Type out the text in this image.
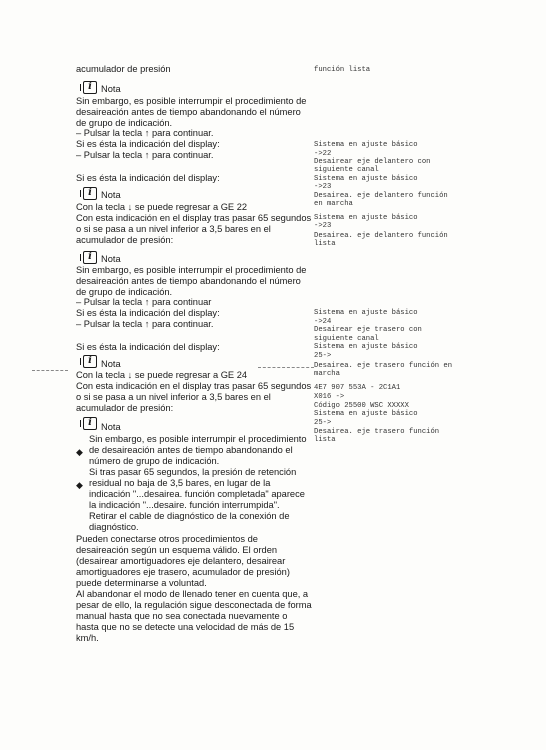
acumulador de presión
i Nota
Sin embargo, es posible interrumpir el procedimiento de
desaireación antes de tiempo abandonando el número
de grupo de indicación.
– Pulsar la tecla ↑ para continuar.
Si es ésta la indicación del display:
– Pulsar la tecla ↑ para continuar.
Si es ésta la indicación del display:
i Nota
Con la tecla ↓ se puede regresar a GE 22
Con esta indicación en el display tras pasar 65 segundos
o si se pasa a un nivel inferior a 3,5 bares en el
acumulador de presión:
i Nota
Sin embargo, es posible interrumpir el procedimiento de
desaireación antes de tiempo abandonando el número
de grupo de indicación.
– Pulsar la tecla ↑ para continuar
Si es ésta la indicación del display:
– Pulsar la tecla ↑ para continuar.
Si es ésta la indicación del display:
i Nota
Con la tecla ↓ se puede regresar a GE 24
Con esta indicación en el display tras pasar 65 segundos
o si se pasa a un nivel inferior a 3,5 bares en el
acumulador de presión:
i Nota
Sin embargo, es posible interrumpir el procedimiento
◆ de desaireación antes de tiempo abandonando el
número de grupo de indicación.
Si tras pasar 65 segundos, la presión de retención
◆ residual no baja de 3,5 bares, en lugar de la
indicación "...desairea. función completada" aparece
la indicación "...desaire. función interrumpida".
Retirar el cable de diagnóstico de la conexión de
diagnóstico.
Pueden conectarse otros procedimientos de
desaireación según un esquema válido. El orden
(desairear amortiguadores eje delantero, desairear
amortiguadores eje trasero, acumulador de presión)
puede determinarse a voluntad.
Al abandonar el modo de llenado tener en cuenta que, a
pesar de ello, la regulación sigue desconectada de forma
manual hasta que no sea conectada nuevamente o
hasta que no se detecte una velocidad de más de 15
km/h.
función lista
Sistema en ajuste básico
->22
Desairear eje delantero con
siguiente canal
Sistema en ajuste básico
->23
Desairea. eje delantero función
en marcha
Sistema en ajuste básico
->23
Desairea. eje delantero función
lista
Sistema en ajuste básico
->24
Desairear eje trasero con
siguiente canal
Sistema en ajuste básico
25->
Desairea. eje trasero función en
marcha
4E7 907 553A - 2C1A1
X016 ->
Código 25500 WSC XXXXX
Sistema en ajuste básico
25->
Desairea. eje trasero función
lista
